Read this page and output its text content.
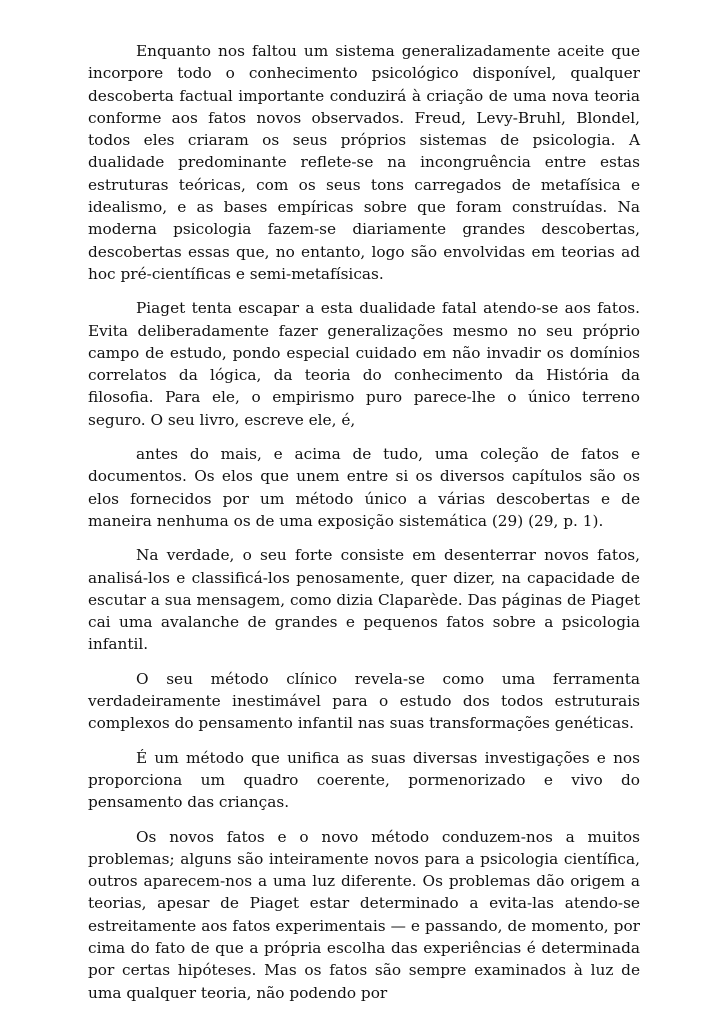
Enquanto nos faltou um sistema generalizadamente aceite que incorpore todo o conhecimento psicológico disponível, qualquer descoberta factual importante conduzirá à criação de uma nova teoria conforme aos fatos novos observados. Freud, Levy-Bruhl, Blondel, todos eles criaram os seus próprios sistemas de psicologia. A dualidade predominante reflete-se na incongruência entre estas estruturas teóricas, com os seus tons carregados de metafísica e idealismo, e as bases empíricas sobre que foram construídas. Na moderna psicologia fazem-se diariamente grandes descobertas, descobertas essas que, no entanto, logo são envolvidas em teorias ad hoc pré-científicas e semi-metafísicas.

Piaget tenta escapar a esta dualidade fatal atendo-se aos fatos. Evita deliberadamente fazer generalizações mesmo no seu próprio campo de estudo, pondo especial cuidado em não invadir os domínios correlatos da lógica, da teoria do conhecimento da História da filosofia. Para ele, o empirismo puro parece-lhe o único terreno seguro. O seu livro, escreve ele, é,

antes do mais, e acima de tudo, uma coleção de fatos e documentos. Os elos que unem entre si os diversos capítulos são os elos fornecidos por um método único a várias descobertas e de maneira nenhuma os de uma exposição sistemática (29) (29, p. 1).

Na verdade, o seu forte consiste em desenterrar novos fatos, analisá-los e classificá-los penosamente, quer dizer, na capacidade de escutar a sua mensagem, como dizia Claparède. Das páginas de Piaget cai uma avalanche de grandes e pequenos fatos sobre a psicologia infantil.

O seu método clínico revela-se como uma ferramenta verdadeiramente inestimável para o estudo dos todos estruturais complexos do pensamento infantil nas suas transformações genéticas.

É um método que unifica as suas diversas investigações e nos proporciona um quadro coerente, pormenorizado e vivo do pensamento das crianças.

Os novos fatos e o novo método conduzem-nos a muitos problemas; alguns são inteiramente novos para a psicologia científica, outros aparecem-nos a uma luz diferente. Os problemas dão origem a teorias, apesar de Piaget estar determinado a evita-las atendo-se estreitamente aos fatos experimentais — e passando, de momento, por cima do fato de que a própria escolha das experiências é determinada por certas hipóteses. Mas os fatos são sempre examinados à luz de uma qualquer teoria, não podendo por
